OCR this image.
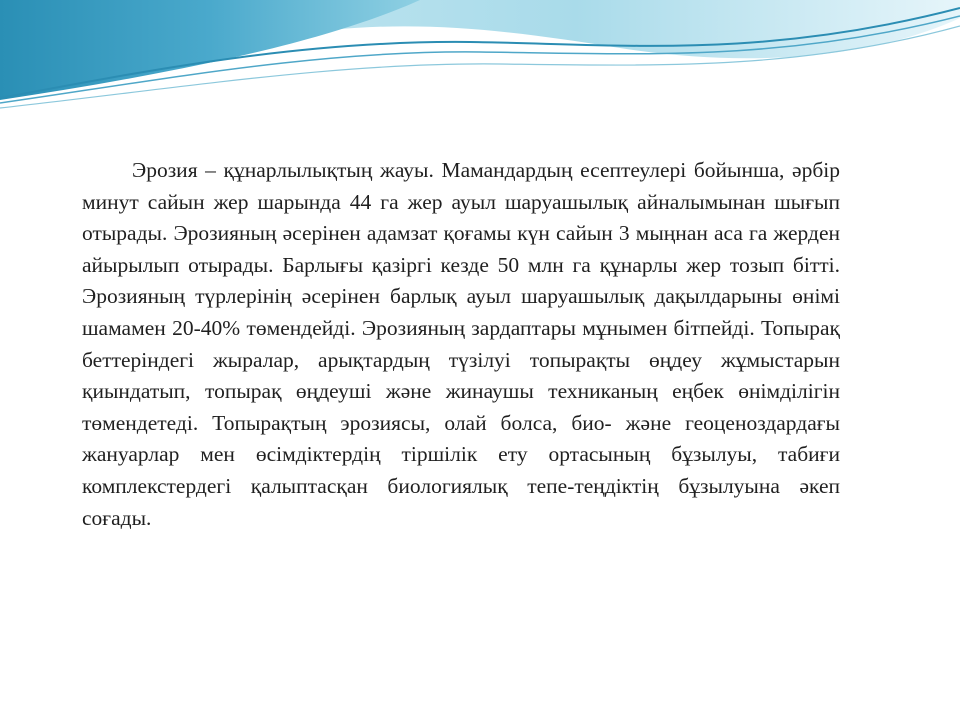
Эрозия – құнарлылықтың жауы. Мамандардың есептеулері бойынша, әрбір минут сайын жер шарында 44 га жер ауыл шаруашылық айналымынан шығып отырады. Эрозияның әсерінен адамзат қоғамы күн сайын 3 мыңнан аса га жерден айырылып отырады. Барлығы қазіргі кезде 50 млн га құнарлы жер тозып бітті. Эрозияның түрлерінің әсерінен барлық ауыл шаруашылық дақылдарыны өнімі шамамен 20-40% төмендейді. Эрозияның зардаптары мұнымен бітпейді. Топырақ беттеріндегі жыралар, арықтардың түзілуі топырақты өңдеу жұмыстарын қиындатып, топырақ өңдеуші және жинаушы техниканың еңбек өнімділігін төмендетеді. Топырақтың эрозиясы, олай болса, био- және геоценоздардағы жануарлар мен өсімдіктердің тіршілік ету ортасының бұзылуы, табиғи комплекстердегі қалыптасқан биологиялық тепе-теңдіктің бұзылуына әкеп соғады.
